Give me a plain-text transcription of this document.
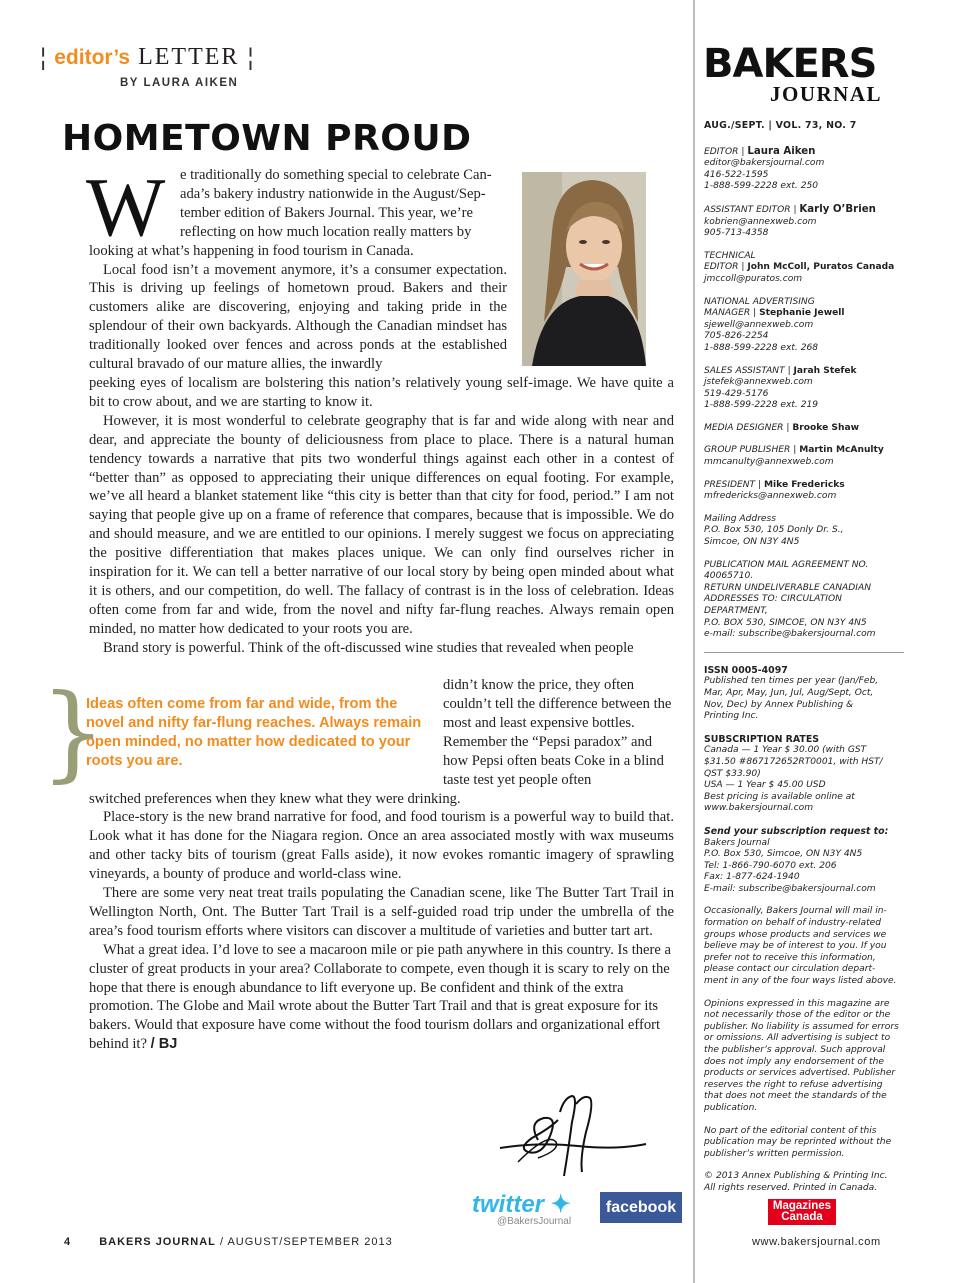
¦ editor’s LETTER ¦
BY LAURA AIKEN
HOMETOWN PROUD
W e traditionally do something special to celebrate Can-
ada’s bakery industry nationwide in the August/Sep-
tember edition of Bakers Journal. This year, we’re
reflecting on how much location really matters by
looking at what’s happening in food tourism in Canada.

Local food isn’t a movement anymore, it’s a consumer expectation. This is driving up feelings of hometown proud. Bakers and their customers alike are discovering, enjoying and taking pride in the splendour of their own backyards. Although the Canadian mindset has traditionally looked over fences and across ponds at the established cultural bravado of our mature allies, the inwardly

peeking eyes of localism are bolstering this nation’s relatively young self-image. We have quite a bit to crow about, and we are starting to know it.

However, it is most wonderful to celebrate geography that is far and wide along with near and dear, and appreciate the bounty of deliciousness from place to place. There is a natural human tendency towards a narrative that pits two wonderful things against each other in a contest of “better than” as opposed to appreciating their unique differences on equal footing. For example, we’ve all heard a blanket statement like “this city is better than that city for food, period.” I am not saying that people give up on a frame of reference that compares, because that is impossible. We do and should measure, and we are entitled to our opinions. I merely suggest we focus on appreciating the positive differentiation that makes places unique. We can only find ourselves richer in inspiration for it. We can tell a better narrative of our local story by being open minded about what it is others, and our competition, do well. The fallacy of contrast is in the loss of celebration. Ideas often come from far and wide, from the novel and nifty far-flung reaches. Always remain open minded, no matter how dedicated to your roots you are.

Brand story is powerful. Think of the oft-discussed wine studies that revealed when people

didn’t know the price, they often couldn’t tell the difference between the most and least expensive bottles. Remember the “Pepsi paradox” and how Pepsi often beats Coke in a blind taste test yet people often

}
Ideas often come from far and wide, from the novel and nifty far-flung reaches. Always remain open minded, no matter how dedicated to your roots you are.

switched preferences when they knew what they were drinking.

Place-story is the new brand narrative for food, and food tourism is a powerful way to build that. Look what it has done for the Niagara region. Once an area associated mostly with wax museums and other tacky bits of tourism (great Falls aside), it now evokes romantic imagery of sprawling vineyards, a bounty of produce and world-class wine.

There are some very neat treat trails populating the Canadian scene, like The Butter Tart Trail in Wellington North, Ont. The Butter Tart Trail is a self-guided road trip under the umbrella of the area’s food tourism efforts where visitors can discover a multitude of varieties and butter tart art.

What a great idea. I’d love to see a macaroon mile or pie path anywhere in this country. Is there a cluster of great products in your area? Collaborate to compete, even though it is scary to rely on the hope that there is enough abundance to lift everyone up. Be confident and think of the extra promotion. The Globe and Mail wrote about the Butter Tart Trail and that is great exposure for its bakers. Would that exposure have come without the food tourism dollars and organizational effort behind it? / BJ

twitter ✦
@BakersJournal
facebook
4	BAKERS JOURNAL / AUGUST/SEPTEMBER 2013	www.bakersjournal.com
BAKERS
JOURNAL
AUG./SEPT. | VOL. 73, NO. 7
EDITOR | Laura Aiken
editor@bakersjournal.com
416-522-1595
1-888-599-2228 ext. 250
ASSISTANT EDITOR | Karly O’Brien
kobrien@annexweb.com
905-713-4358
TECHNICAL
EDITOR | John McColl, Puratos Canada
jmccoll@puratos.com
NATIONAL ADVERTISING
MANAGER | Stephanie Jewell
sjewell@annexweb.com
705-826-2254
1-888-599-2228 ext. 268
SALES ASSISTANT | Jarah Stefek
jstefek@annexweb.com
519-429-5176
1-888-599-2228 ext. 219
MEDIA DESIGNER | Brooke Shaw
GROUP PUBLISHER | Martin McAnulty
mmcanulty@annexweb.com
PRESIDENT | Mike Fredericks
mfredericks@annexweb.com
Mailing Address
P.O. Box 530, 105 Donly Dr. S.,
Simcoe, ON N3Y 4N5
PUBLICATION MAIL AGREEMENT NO.
40065710.
RETURN UNDELIVERABLE CANADIAN
ADDRESSES TO: CIRCULATION
DEPARTMENT,
P.O. BOX 530, SIMCOE, ON N3Y 4N5
e-mail: subscribe@bakersjournal.com
ISSN 0005-4097
Published ten times per year (Jan/Feb,
Mar, Apr, May, Jun, Jul, Aug/Sept, Oct,
Nov, Dec) by Annex Publishing &
Printing Inc.
SUBSCRIPTION RATES
Canada — 1 Year $ 30.00 (with GST
$31.50 #867172652RT0001, with HST/
QST $33.90)
USA — 1 Year $ 45.00 USD
Best pricing is available online at
www.bakersjournal.com
Send your subscription request to:
Bakers Journal
P.O. Box 530, Simcoe, ON N3Y 4N5
Tel: 1-866-790-6070 ext. 206
Fax: 1-877-624-1940
E-mail: subscribe@bakersjournal.com
Occasionally, Bakers Journal will mail in-
formation on behalf of industry-related
groups whose products and services we
believe may be of interest to you. If you
prefer not to receive this information,
please contact our circulation depart-
ment in any of the four ways listed above.
Opinions expressed in this magazine are
not necessarily those of the editor or the
publisher. No liability is assumed for errors
or omissions. All advertising is subject to
the publisher’s approval. Such approval
does not imply any endorsement of the
products or services advertised. Publisher
reserves the right to refuse advertising
that does not meet the standards of the
publication.
No part of the editorial content of this
publication may be reprinted without the
publisher’s written permission.
© 2013 Annex Publishing & Printing Inc.
All rights reserved. Printed in Canada.
Magazines
Canada
